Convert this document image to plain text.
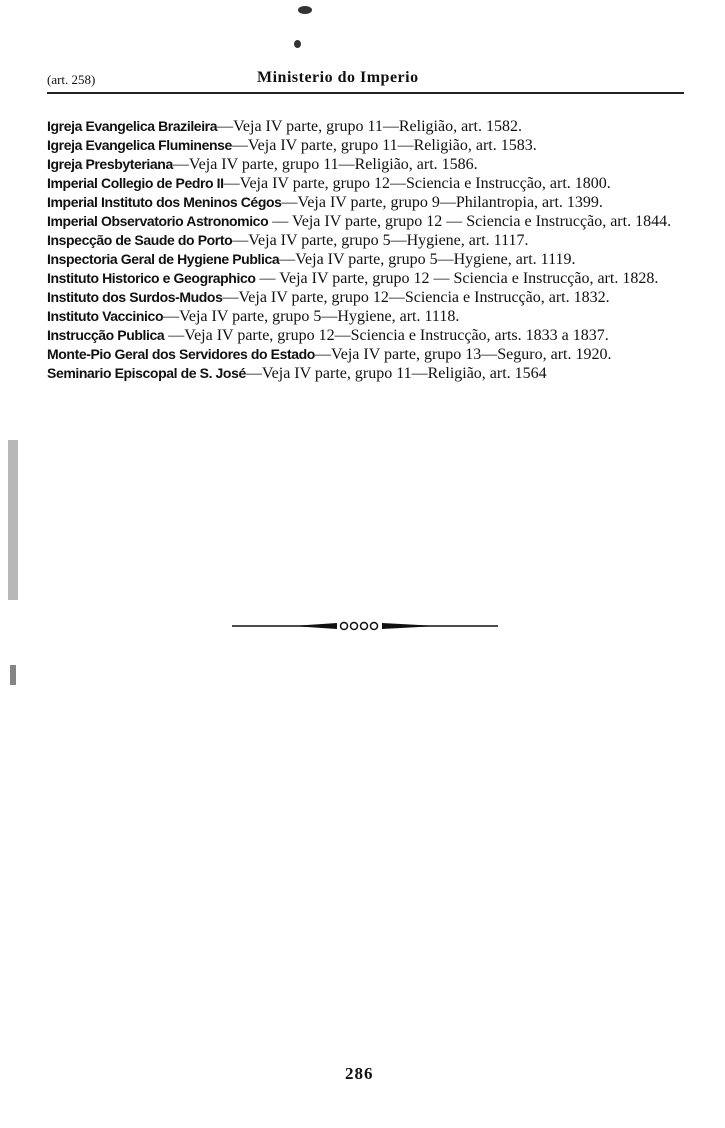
(art. 258)	Ministerio do Imperio

Igreja Evangelica Brazileira—Veja IV parte, grupo 11—Religião, art. 1582.

Igreja Evangelica Fluminense—Veja IV parte, grupo 11—Religião, art. 1583.

Igreja Presbyteriana—Veja IV parte, grupo 11—Religião, art. 1586.

Imperial Collegio de Pedro II—Veja IV parte, grupo 12—Sciencia e Instrucção, art. 1800.

Imperial Instituto dos Meninos Cégos—Veja IV parte, grupo 9—Philantropia, art. 1399.

Imperial Observatorio Astronomico — Veja IV parte, grupo 12 — Sciencia e Instrucção, art. 1844.

Inspecção de Saude do Porto—Veja IV parte, grupo 5—Hygiene, art. 1117.

Inspectoria Geral de Hygiene Publica—Veja IV parte, grupo 5—Hygiene, art. 1119.

Instituto Historico e Geographico — Veja IV parte, grupo 12 — Sciencia e Instrucção, art. 1828.

Instituto dos Surdos-Mudos—Veja IV parte, grupo 12—Sciencia e Instrucção, art. 1832.

Instituto Vaccinico—Veja IV parte, grupo 5—Hygiene, art. 1118.

Instrucção Publica —Veja IV parte, grupo 12—Sciencia e Instrucção, arts. 1833 a 1837.

Monte-Pio Geral dos Servidores do Estado—Veja IV parte, grupo 13—Seguro, art. 1920.

Seminario Episcopal de S. José—Veja IV parte, grupo 11—Religião, art. 1564

286
